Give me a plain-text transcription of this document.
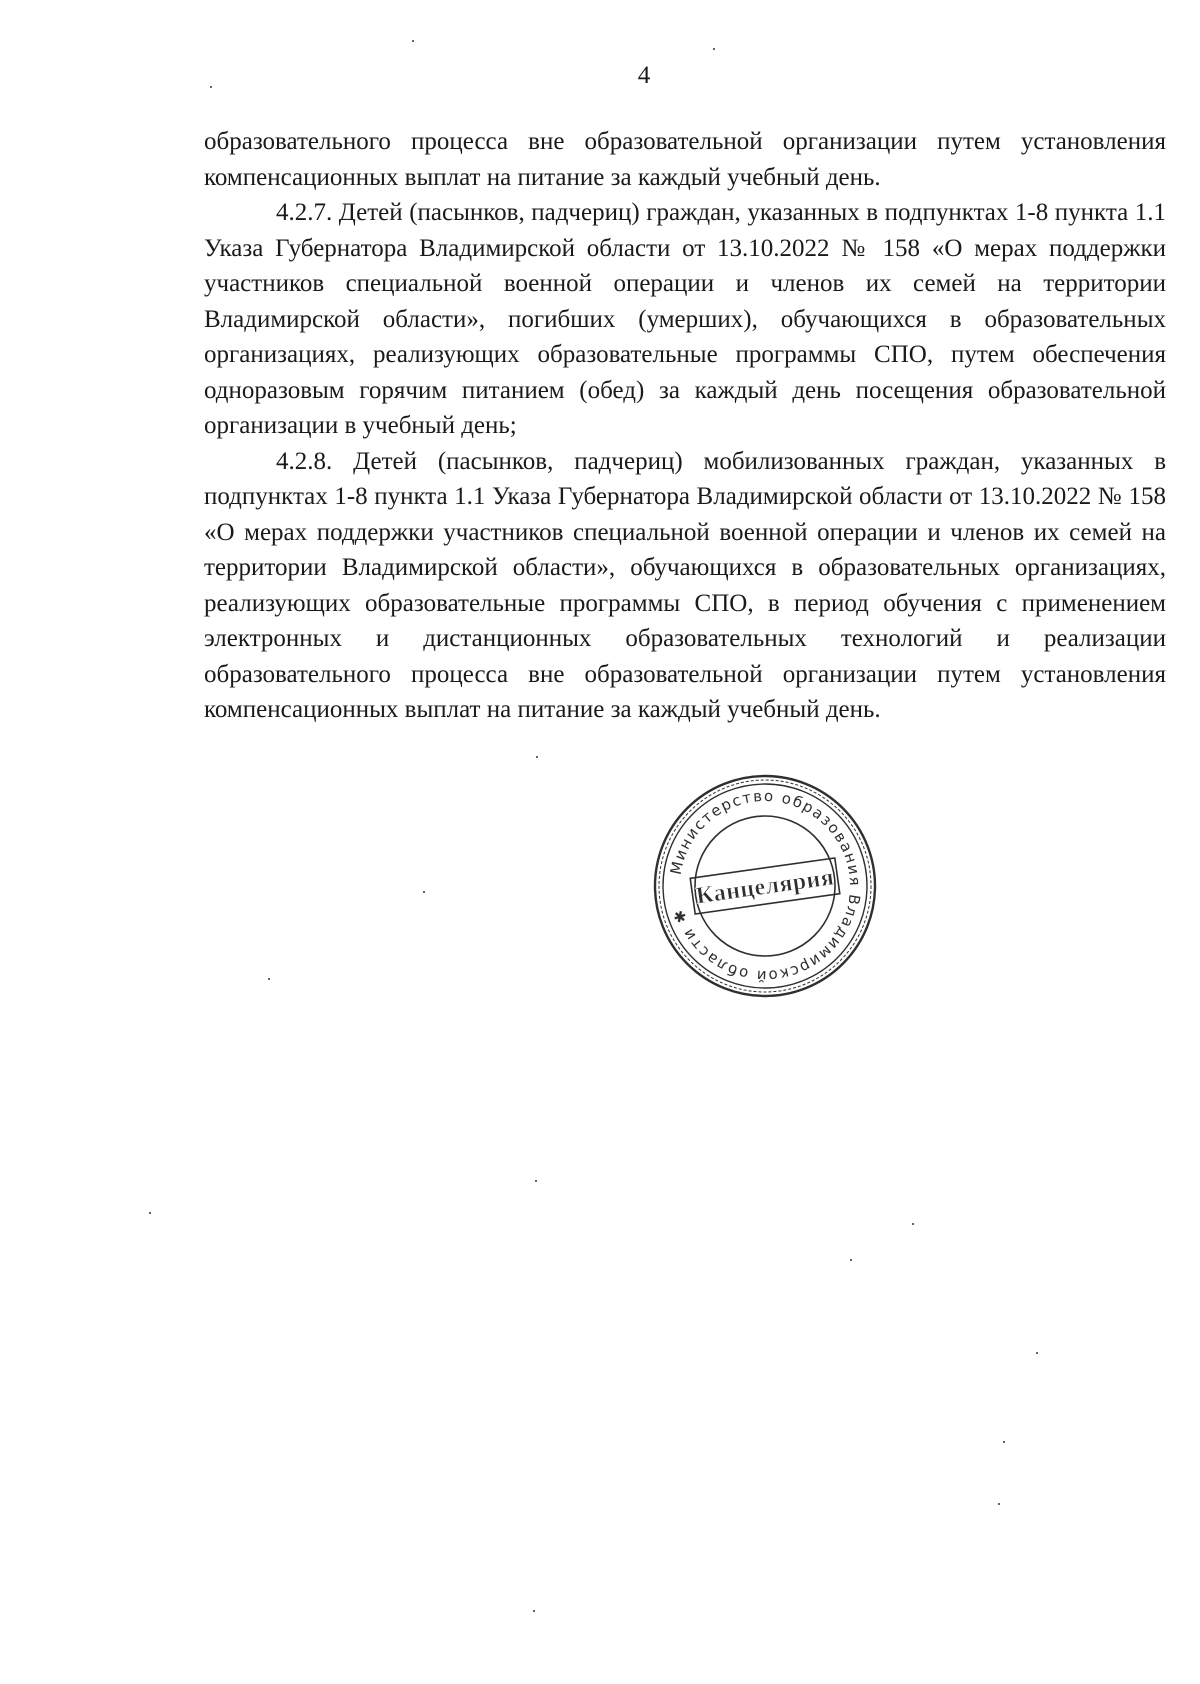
4

образовательного процесса вне образовательной организации путем установления компенсационных выплат на питание за каждый учебный день.

4.2.7. Детей (пасынков, падчериц) граждан, указанных в подпунктах 1-8 пункта 1.1 Указа Губернатора Владимирской области от 13.10.2022 № 158 «О мерах поддержки участников специальной военной операции и членов их семей на территории Владимирской области», погибших (умерших), обучающихся в образовательных организациях, реализующих образовательные программы СПО, путем обеспечения одноразовым горячим питанием (обед) за каждый день посещения образовательной организации в учебный день;

4.2.8. Детей (пасынков, падчериц) мобилизованных граждан, указанных в подпунктах 1-8 пункта 1.1 Указа Губернатора Владимирской области от 13.10.2022 № 158 «О мерах поддержки участников специальной военной операции и членов их семей на территории Владимирской области», обучающихся в образовательных организациях, реализующих образовательные программы СПО, в период обучения с применением электронных и дистанционных образовательных технологий и реализации образовательного процесса вне образовательной организации путем установления компенсационных выплат на питание за каждый учебный день.

Министерство образования Владимирской области ✱
Канцелярия
